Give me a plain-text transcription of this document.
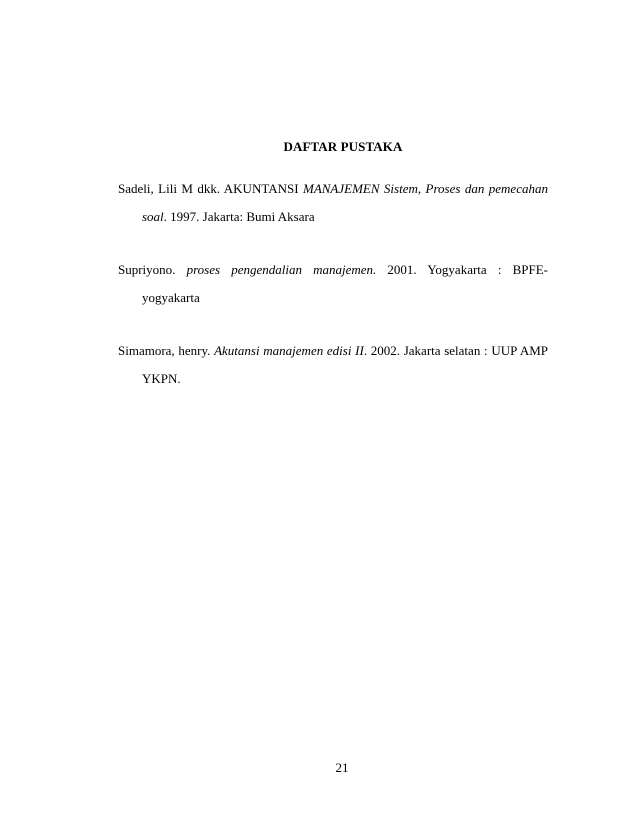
DAFTAR PUSTAKA

Sadeli, Lili M dkk. AKUNTANSI MANAJEMEN Sistem, Proses dan pemecahan soal. 1997. Jakarta: Bumi Aksara

Supriyono. proses pengendalian manajemen. 2001. Yogyakarta : BPFE-yogyakarta

Simamora, henry. Akutansi manajemen edisi II. 2002. Jakarta selatan : UUP AMP YKPN.

21
